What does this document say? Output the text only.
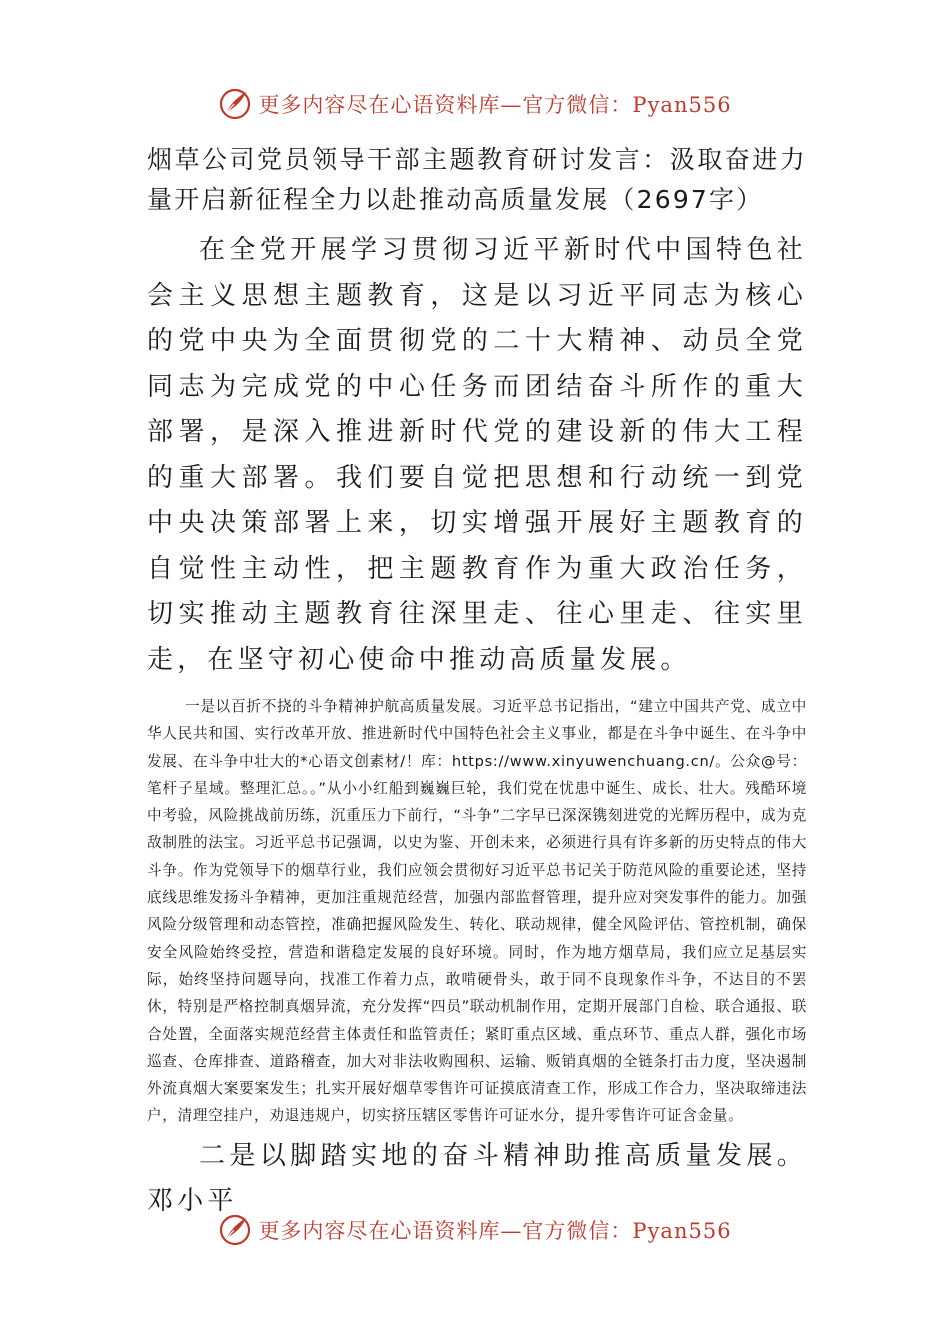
更多内容尽在心语资料库—官方微信：Pyan556

烟草公司党员领导干部主题教育研讨发言：汲取奋进力量开启新征程全力以赴推动高质量发展（2697字）

在全党开展学习贯彻习近平新时代中国特色社会主义思想主题教育，这是以习近平同志为核心的党中央为全面贯彻党的二十大精神、动员全党同志为完成党的中心任务而团结奋斗所作的重大部署，是深入推进新时代党的建设新的伟大工程的重大部署。我们要自觉把思想和行动统一到党中央决策部署上来，切实增强开展好主题教育的自觉性主动性，把主题教育作为重大政治任务，切实推动主题教育往深里走、往心里走、往实里走，在坚守初心使命中推动高质量发展。

一是以百折不挠的斗争精神护航高质量发展。习近平总书记指出，“建立中国共产党、成立中华人民共和国、实行改革开放、推进新时代中国特色社会主义事业，都是在斗争中诞生、在斗争中发展、在斗争中壮大的*心语文创素材/！库：https://www.xinyuwenchuang.cn/。公众@号：笔杆子星域。整理汇总。。”从小小红船到巍巍巨轮，我们党在忧患中诞生、成长、壮大。残酷环境中考验，风险挑战前历练，沉重压力下前行，“斗争”二字早已深深镌刻进党的光辉历程中，成为克敌制胜的法宝。习近平总书记强调，以史为鉴、开创未来，必须进行具有许多新的历史特点的伟大斗争。作为党领导下的烟草行业，我们应领会贯彻好习近平总书记关于防范风险的重要论述，坚持底线思维发扬斗争精神，更加注重规范经营，加强内部监督管理，提升应对突发事件的能力。加强风险分级管理和动态管控，准确把握风险发生、转化、联动规律，健全风险评估、管控机制，确保安全风险始终受控，营造和谐稳定发展的良好环境。同时，作为地方烟草局，我们应立足基层实际，始终坚持问题导向，找准工作着力点，敢啃硬骨头，敢于同不良现象作斗争，不达目的不罢休，特别是严格控制真烟异流，充分发挥“四员”联动机制作用，定期开展部门自检、联合通报、联合处置，全面落实规范经营主体责任和监管责任；紧盯重点区域、重点环节、重点人群，强化市场巡查、仓库排查、道路稽查，加大对非法收购囤积、运输、贩销真烟的全链条打击力度，坚决遏制外流真烟大案要案发生；扎实开展好烟草零售许可证摸底清查工作，形成工作合力，坚决取缔违法户，清理空挂户，劝退违规户，切实挤压辖区零售许可证水分，提升零售许可证含金量。

二是以脚踏实地的奋斗精神助推高质量发展。邓小平

更多内容尽在心语资料库—官方微信：Pyan556
